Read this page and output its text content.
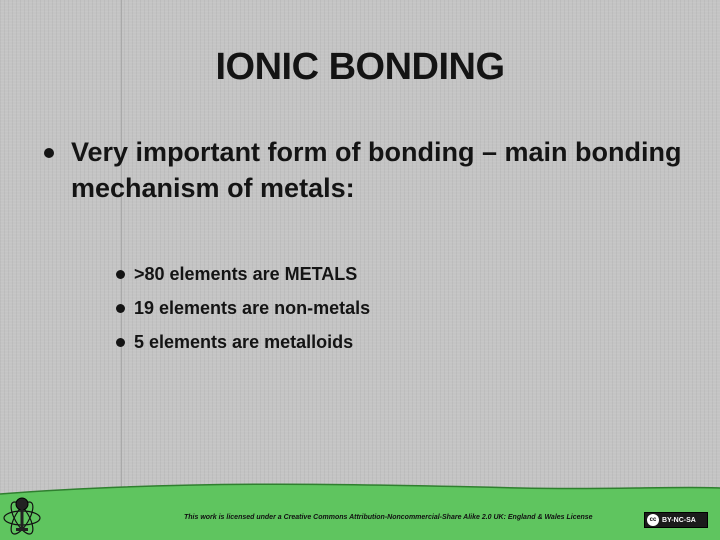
IONIC BONDING
Very important form of bonding – main bonding mechanism of metals:
>80 elements are METALS
19 elements are non-metals
5 elements are metalloids
This work is licensed under a Creative Commons Attribution-Noncommercial-Share Alike 2.0 UK: England & Wales License	cc BY-NC-SA
